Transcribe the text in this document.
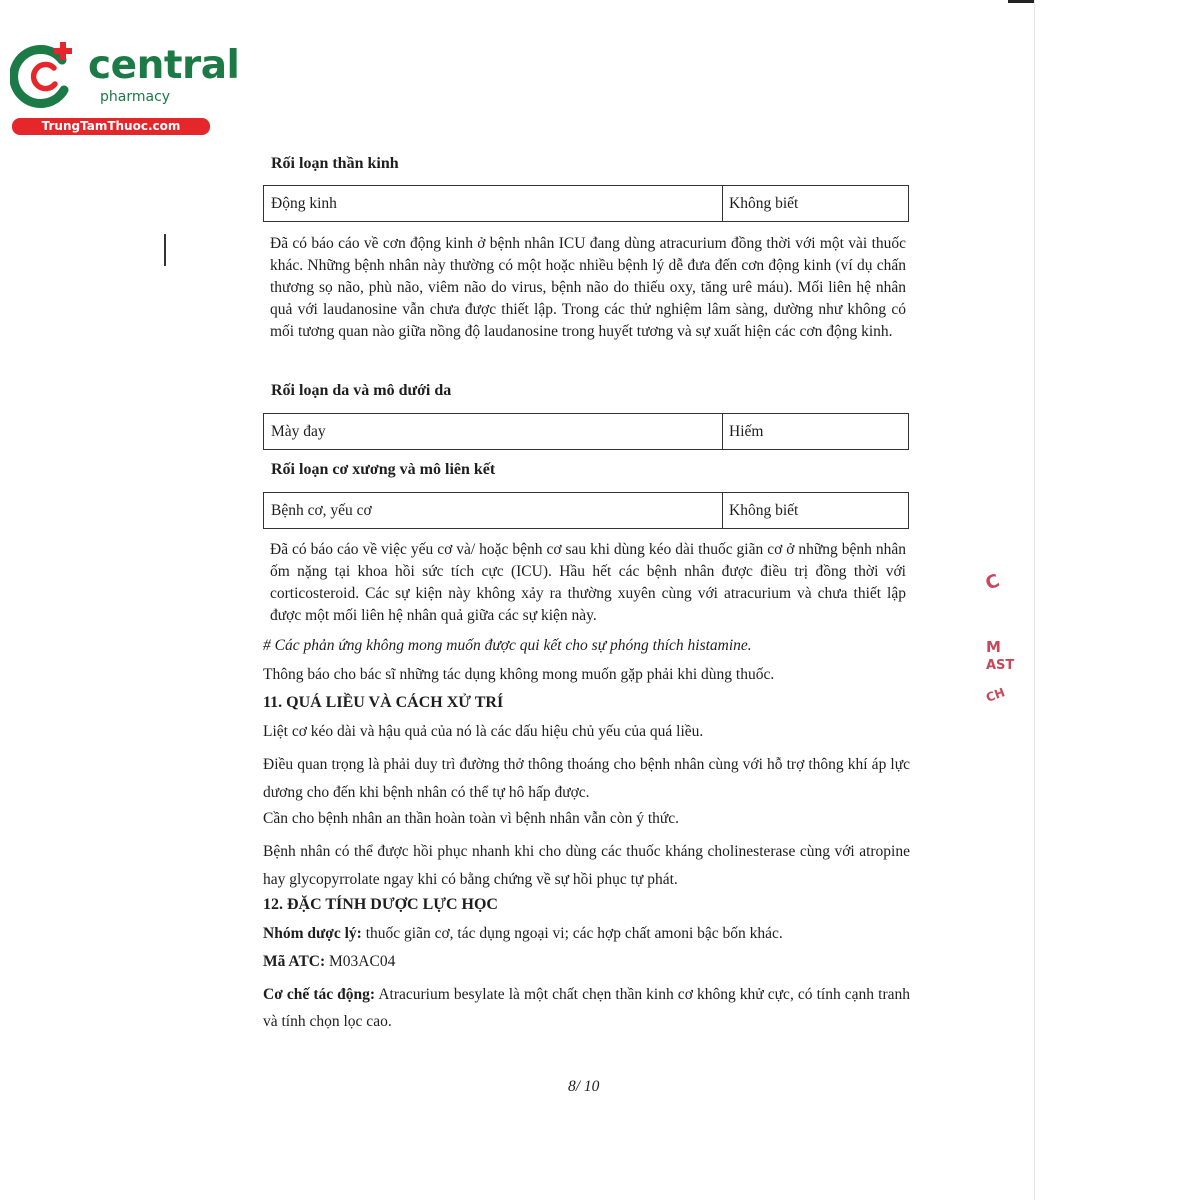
central
pharmacy
TrungTamThuoc.com
Rối loạn thần kinh
Động kinh	Không biết

Đã có báo cáo về cơn động kinh ở bệnh nhân ICU đang dùng atracurium đồng thời với một vài thuốc khác. Những bệnh nhân này thường có một hoặc nhiều bệnh lý dễ đưa đến cơn động kinh (ví dụ chấn thương sọ não, phù não, viêm não do virus, bệnh não do thiếu oxy, tăng urê máu). Mối liên hệ nhân quả với laudanosine vẫn chưa được thiết lập. Trong các thử nghiệm lâm sàng, dường như không có mối tương quan nào giữa nồng độ laudanosine trong huyết tương và sự xuất hiện các cơn động kinh.

Rối loạn da và mô dưới da
Mày đay	Hiếm
Rối loạn cơ xương và mô liên kết
Bệnh cơ, yếu cơ	Không biết

Đã có báo cáo về việc yếu cơ và/ hoặc bệnh cơ sau khi dùng kéo dài thuốc giãn cơ ở những bệnh nhân ốm nặng tại khoa hồi sức tích cực (ICU). Hầu hết các bệnh nhân được điều trị đồng thời với corticosteroid. Các sự kiện này không xảy ra thường xuyên cùng với atracurium và chưa thiết lập được một mối liên hệ nhân quả giữa các sự kiện này.

# Các phản ứng không mong muốn được qui kết cho sự phóng thích histamine.
Thông báo cho bác sĩ những tác dụng không mong muốn gặp phải khi dùng thuốc.
11. QUÁ LIỀU VÀ CÁCH XỬ TRÍ
Liệt cơ kéo dài và hậu quả của nó là các dấu hiệu chủ yếu của quá liều.
Điều quan trọng là phải duy trì đường thở thông thoáng cho bệnh nhân cùng với hỗ trợ thông khí áp lực dương cho đến khi bệnh nhân có thể tự hô hấp được.
Cần cho bệnh nhân an thần hoàn toàn vì bệnh nhân vẫn còn ý thức.
Bệnh nhân có thể được hồi phục nhanh khi cho dùng các thuốc kháng cholinesterase cùng với atropine hay glycopyrrolate ngay khi có bằng chứng về sự hồi phục tự phát.
12. ĐẶC TÍNH DƯỢC LỰC HỌC
Nhóm dược lý: thuốc giãn cơ, tác dụng ngoại vi; các hợp chất amoni bậc bốn khác.
Mã ATC: M03AC04
Cơ chế tác động: Atracurium besylate là một chất chẹn thần kinh cơ không khử cực, có tính cạnh tranh và tính chọn lọc cao.
8/ 10
C
M
AST
CH
